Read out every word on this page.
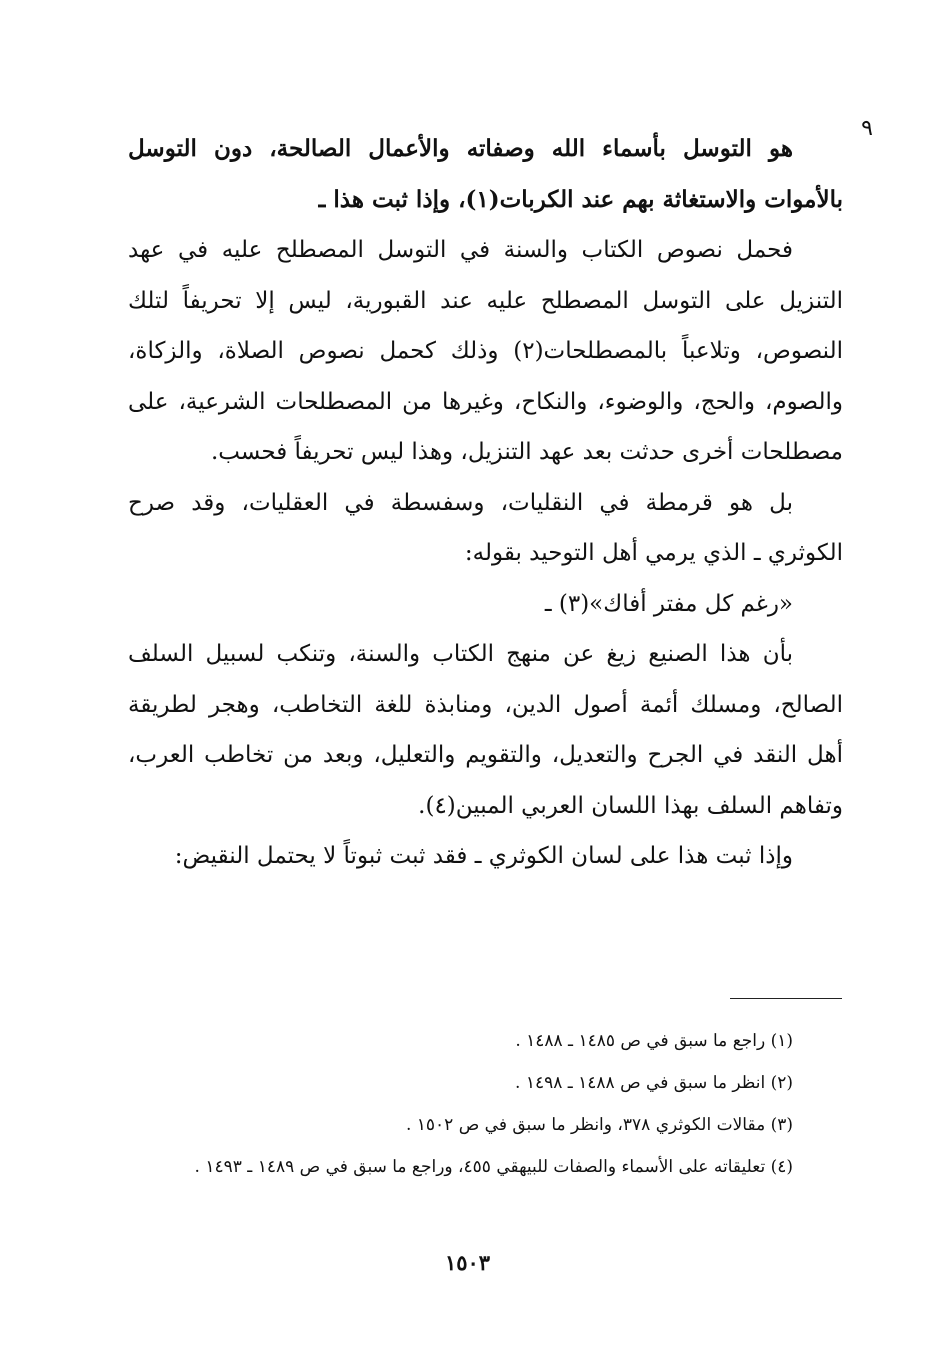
٩

هو التوسل بأسماء الله وصفاته والأعمال الصالحة، دون التوسل بالأموات والاستغاثة بهم عند الكربات(١)، وإذا ثبت هذا ـ

فحمل نصوص الكتاب والسنة في التوسل المصطلح عليه في عهد التنزيل على التوسل المصطلح عليه عند القبورية، ليس إلا تحريفاً لتلك النصوص، وتلاعباً بالمصطلحات(٢) وذلك كحمل نصوص الصلاة، والزكاة، والصوم، والحج، والوضوء، والنكاح، وغيرها من المصطلحات الشرعية، على مصطلحات أخرى حدثت بعد عهد التنزيل، وهذا ليس تحريفاً فحسب.

بل هو قرمطة في النقليات، وسفسطة في العقليات، وقد صرح الكوثري ـ الذي يرمي أهل التوحيد بقوله:

«رغم كل مفتر أفاك»(٣) ـ

بأن هذا الصنيع زيغ عن منهج الكتاب والسنة، وتنكب لسبيل السلف الصالح، ومسلك أئمة أصول الدين، ومنابذة للغة التخاطب، وهجر لطريقة أهل النقد في الجرح والتعديل، والتقويم والتعليل، وبعد من تخاطب العرب، وتفاهم السلف بهذا اللسان العربي المبين(٤).

وإذا ثبت هذا على لسان الكوثري ـ فقد ثبت ثبوتاً لا يحتمل النقيض:

(١) راجع ما سبق في ص ١٤٨٥ ـ ١٤٨٨ .

(٢) انظر ما سبق في ص ١٤٨٨ ـ ١٤٩٨ .

(٣) مقالات الكوثري ٣٧٨، وانظر ما سبق في ص ١٥٠٢ .

(٤) تعليقاته على الأسماء والصفات للبيهقي ٤٥٥، وراجع ما سبق في ص ١٤٨٩ ـ ١٤٩٣ .

١٥٠٣
